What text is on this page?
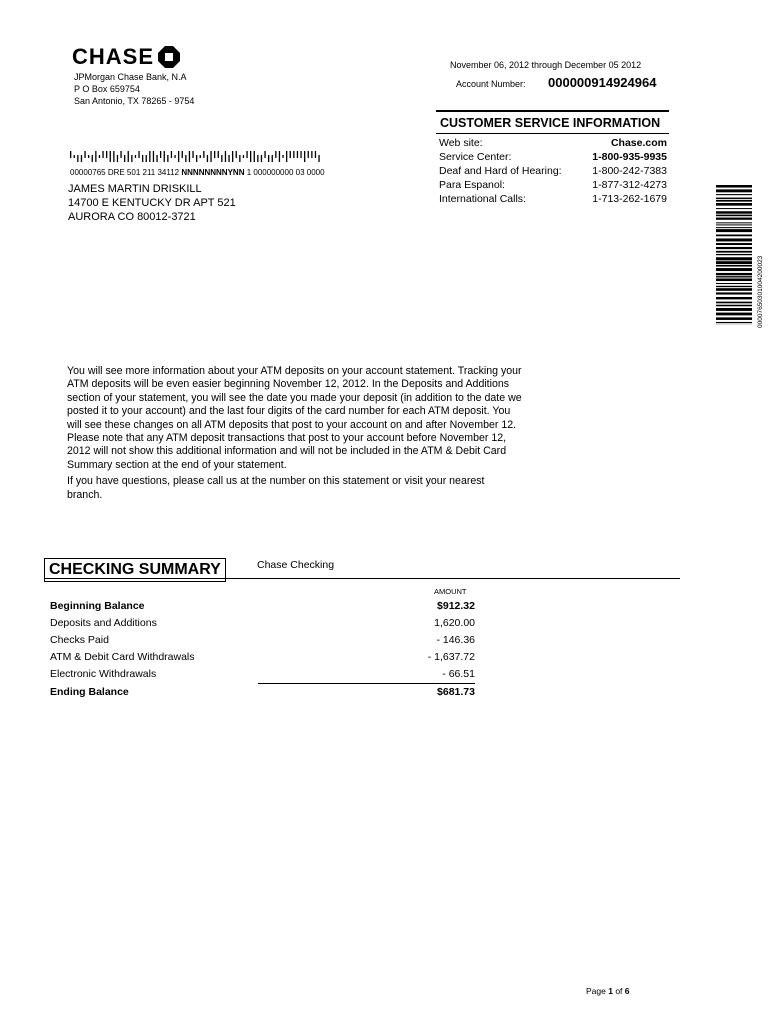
CHASE
JPMorgan Chase Bank, N.A
P O Box 659754
San Antonio, TX 78265 - 9754
November 06, 2012 through December 05 2012
Account Number: 000000914924964
CUSTOMER SERVICE INFORMATION
Web site:	Chase.com
Service Center:	1-800-935-9935
Deaf and Hard of Hearing:	1-800-242-7383
Para Espanol:	1-877-312-4273
International Calls:	1-713-262-1679
00000765 DRE 501 211 34112 NNNNNNNNYNN 1 000000000 03 0000
JAMES MARTIN DRISKILL
14700 E KENTUCKY DR APT 521
AURORA CO 80012-3721
00007650301004200023

You will see more information about your ATM deposits on your account statement. Tracking your ATM deposits will be even easier beginning November 12, 2012. In the Deposits and Additions section of your statement, you will see the date you made your deposit (in addition to the date we posted it to your account) and the last four digits of the card number for each ATM deposit. You will see these changes on all ATM deposits that post to your account on and after November 12. Please note that any ATM deposit transactions that post to your account before November 12, 2012 will not show this additional information and will not be included in the ATM & Debit Card Summary section at the end of your statement.

If you have questions, please call us at the number on this statement or visit your nearest branch.

CHECKING SUMMARY	Chase Checking
AMOUNT
Beginning Balance	$912.32
Deposits and Additions	1,620.00
Checks Paid	- 146.36
ATM & Debit Card Withdrawals	- 1,637.72
Electronic Withdrawals	- 66.51
Ending Balance	$681.73
Page 1 of 6
